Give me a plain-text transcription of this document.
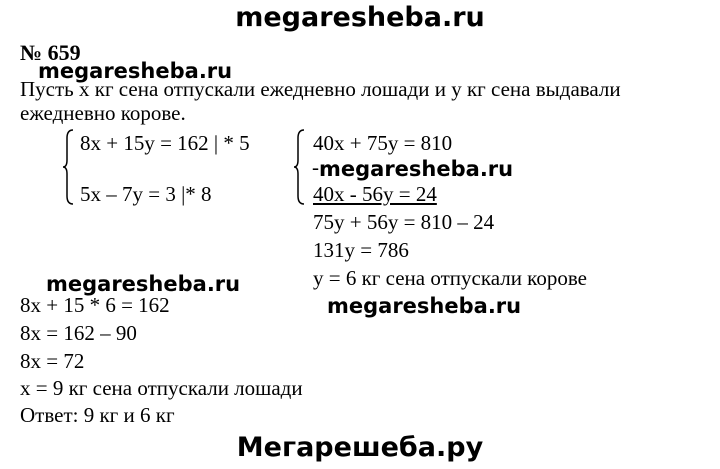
megaresheba.ru
№ 659
megaresheba.ru
Пусть х кг сена отпускали ежедневно лошади и у кг сена выдавали
ежедневно корове.
8х + 15у = 162 | * 5
5х – 7у = 3 |* 8
40х + 75у = 810
- megaresheba.ru
40х - 56у = 24
75у + 56у = 810 – 24
131у = 786
у = 6 кг сена отпускали корове
megaresheba.ru
megaresheba.ru
8х + 15 * 6 = 162
8х = 162 – 90
8х = 72
х = 9 кг сена отпускали лошади
Ответ: 9 кг и 6 кг
Мегарешеба.ру
